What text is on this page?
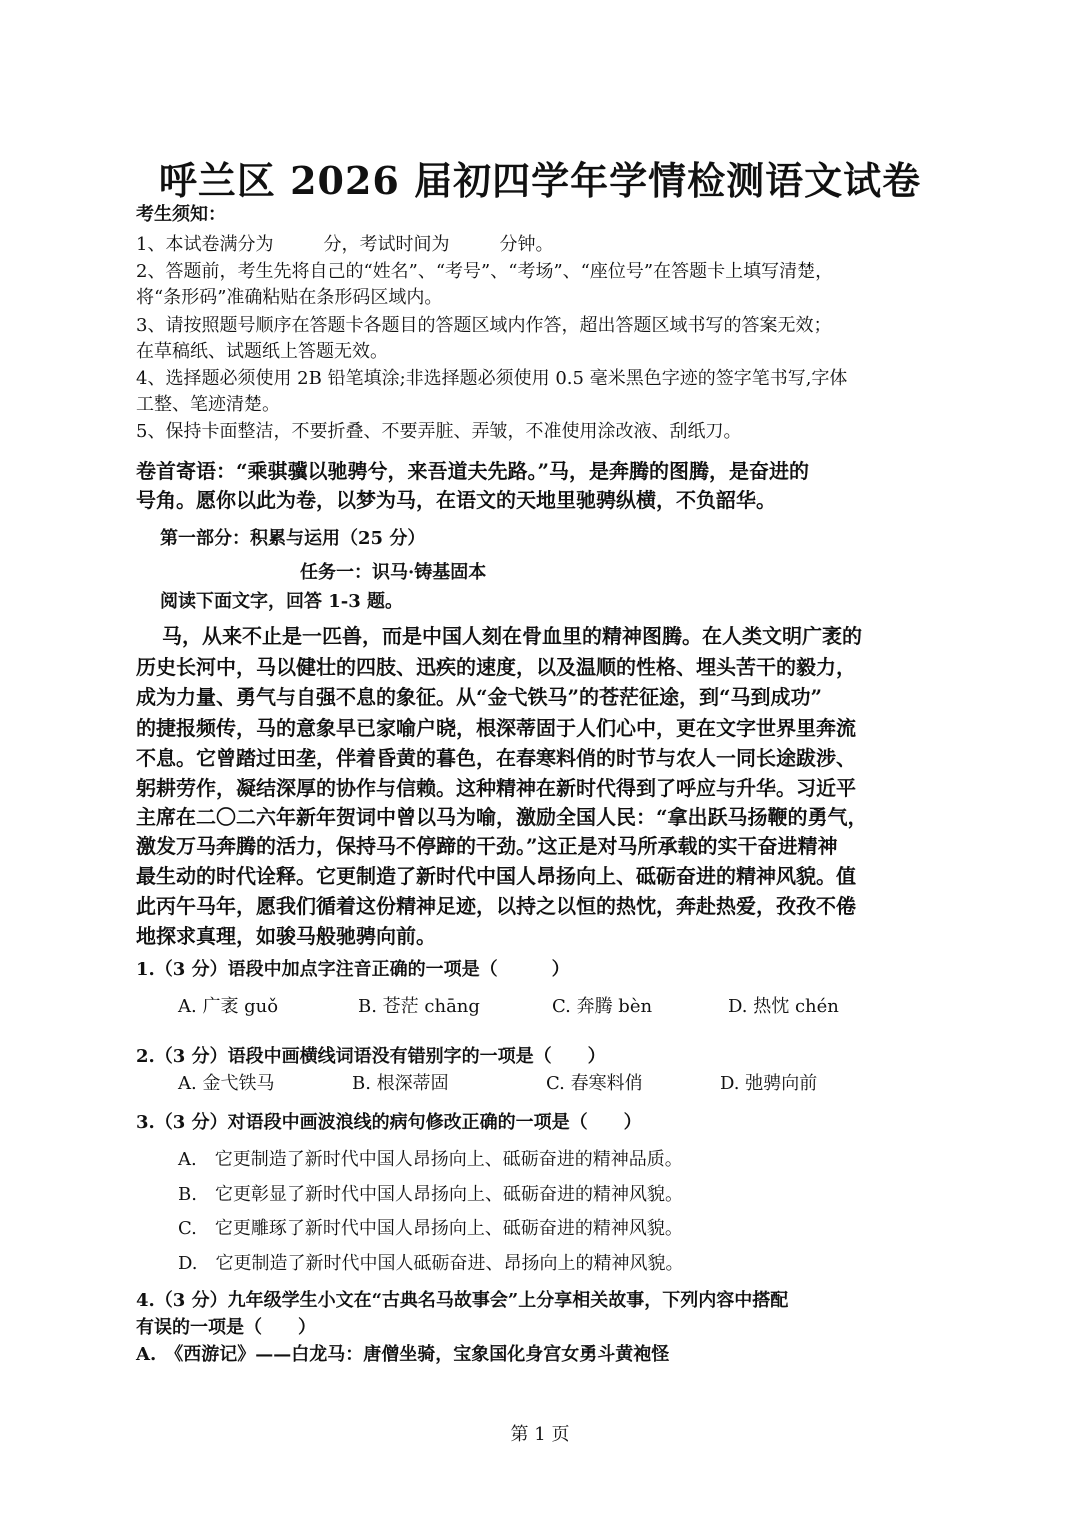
呼兰区 2026 届初四学年学情检测语文试卷
考生须知：
1、本试卷满分为	分，考试时间为	分钟。
2、答题前，考生先将自己的“姓名”、“考号”、“考场”、“座位号”在答题卡上填写清楚，
将“条形码”准确粘贴在条形码区域内。
3、请按照题号顺序在答题卡各题目的答题区域内作答，超出答题区域书写的答案无效；
在草稿纸、试题纸上答题无效。
4、选择题必须使用 2B 铅笔填涂;非选择题必须使用 0.5 毫米黑色字迹的签字笔书写,字体
工整、笔迹清楚。
5、保持卡面整洁，不要折叠、不要弄脏、弄皱，不准使用涂改液、刮纸刀。
卷首寄语：“乘骐骥以驰骋兮，来吾道夫先路。”马，是奔腾的图腾，是奋进的
号角。愿你以此为卷，以梦为马，在语文的天地里驰骋纵横，不负韶华。
第一部分：积累与运用（25 分）
任务一：识马·铸基固本
阅读下面文字，回答 1-3 题。
马，从来不止是一匹兽，而是中国人刻在骨血里的精神图腾。在人类文明广袤的
历史长河中，马以健壮的四肢、迅疾的速度，以及温顺的性格、埋头苦干的毅力，
成为力量、勇气与自强不息的象征。从“金弋铁马”的苍茫征途，到“马到成功”
的捷报频传，马的意象早已家喻户晓，根深蒂固于人们心中，更在文字世界里奔流
不息。它曾踏过田垄，伴着昏黄的暮色，在春寒料俏的时节与农人一同长途跋涉、
躬耕劳作，凝结深厚的协作与信赖。这种精神在新时代得到了呼应与升华。习近平
主席在二〇二六年新年贺词中曾以马为喻，激励全国人民：“拿出跃马扬鞭的勇气，
激发万马奔腾的活力，保持马不停蹄的干劲。”这正是对马所承载的实干奋进精神
最生动的时代诠释。它更制造了新时代中国人昂扬向上、砥砺奋进的精神风貌。值
此丙午马年，愿我们循着这份精神足迹，以持之以恒的热忱，奔赴热爱，孜孜不倦
地探求真理，如骏马般驰骋向前。
1.（3 分）语段中加点字注音正确的一项是（　　　）
A. 广袤 guǒ	B. 苍茫 chāng	C. 奔腾 bèn	D. 热忱 chén
2.（3 分）语段中画横线词语没有错别字的一项是（　　）
A. 金弋铁马	B. 根深蒂固	C. 春寒料俏	D. 弛骋向前
3.（3 分）对语段中画波浪线的病句修改正确的一项是（　　）
A.　它更制造了新时代中国人昂扬向上、砥砺奋进的精神品质。
B.　它更彰显了新时代中国人昂扬向上、砥砺奋进的精神风貌。
C.　它更雕琢了新时代中国人昂扬向上、砥砺奋进的精神风貌。
D.　它更制造了新时代中国人砥砺奋进、昂扬向上的精神风貌。
4.（3 分）九年级学生小文在“古典名马故事会”上分享相关故事，下列内容中搭配
有误的一项是（　　）
A.　《西游记》——白龙马：唐僧坐骑，宝象国化身宫女勇斗黄袍怪
第 1 页
